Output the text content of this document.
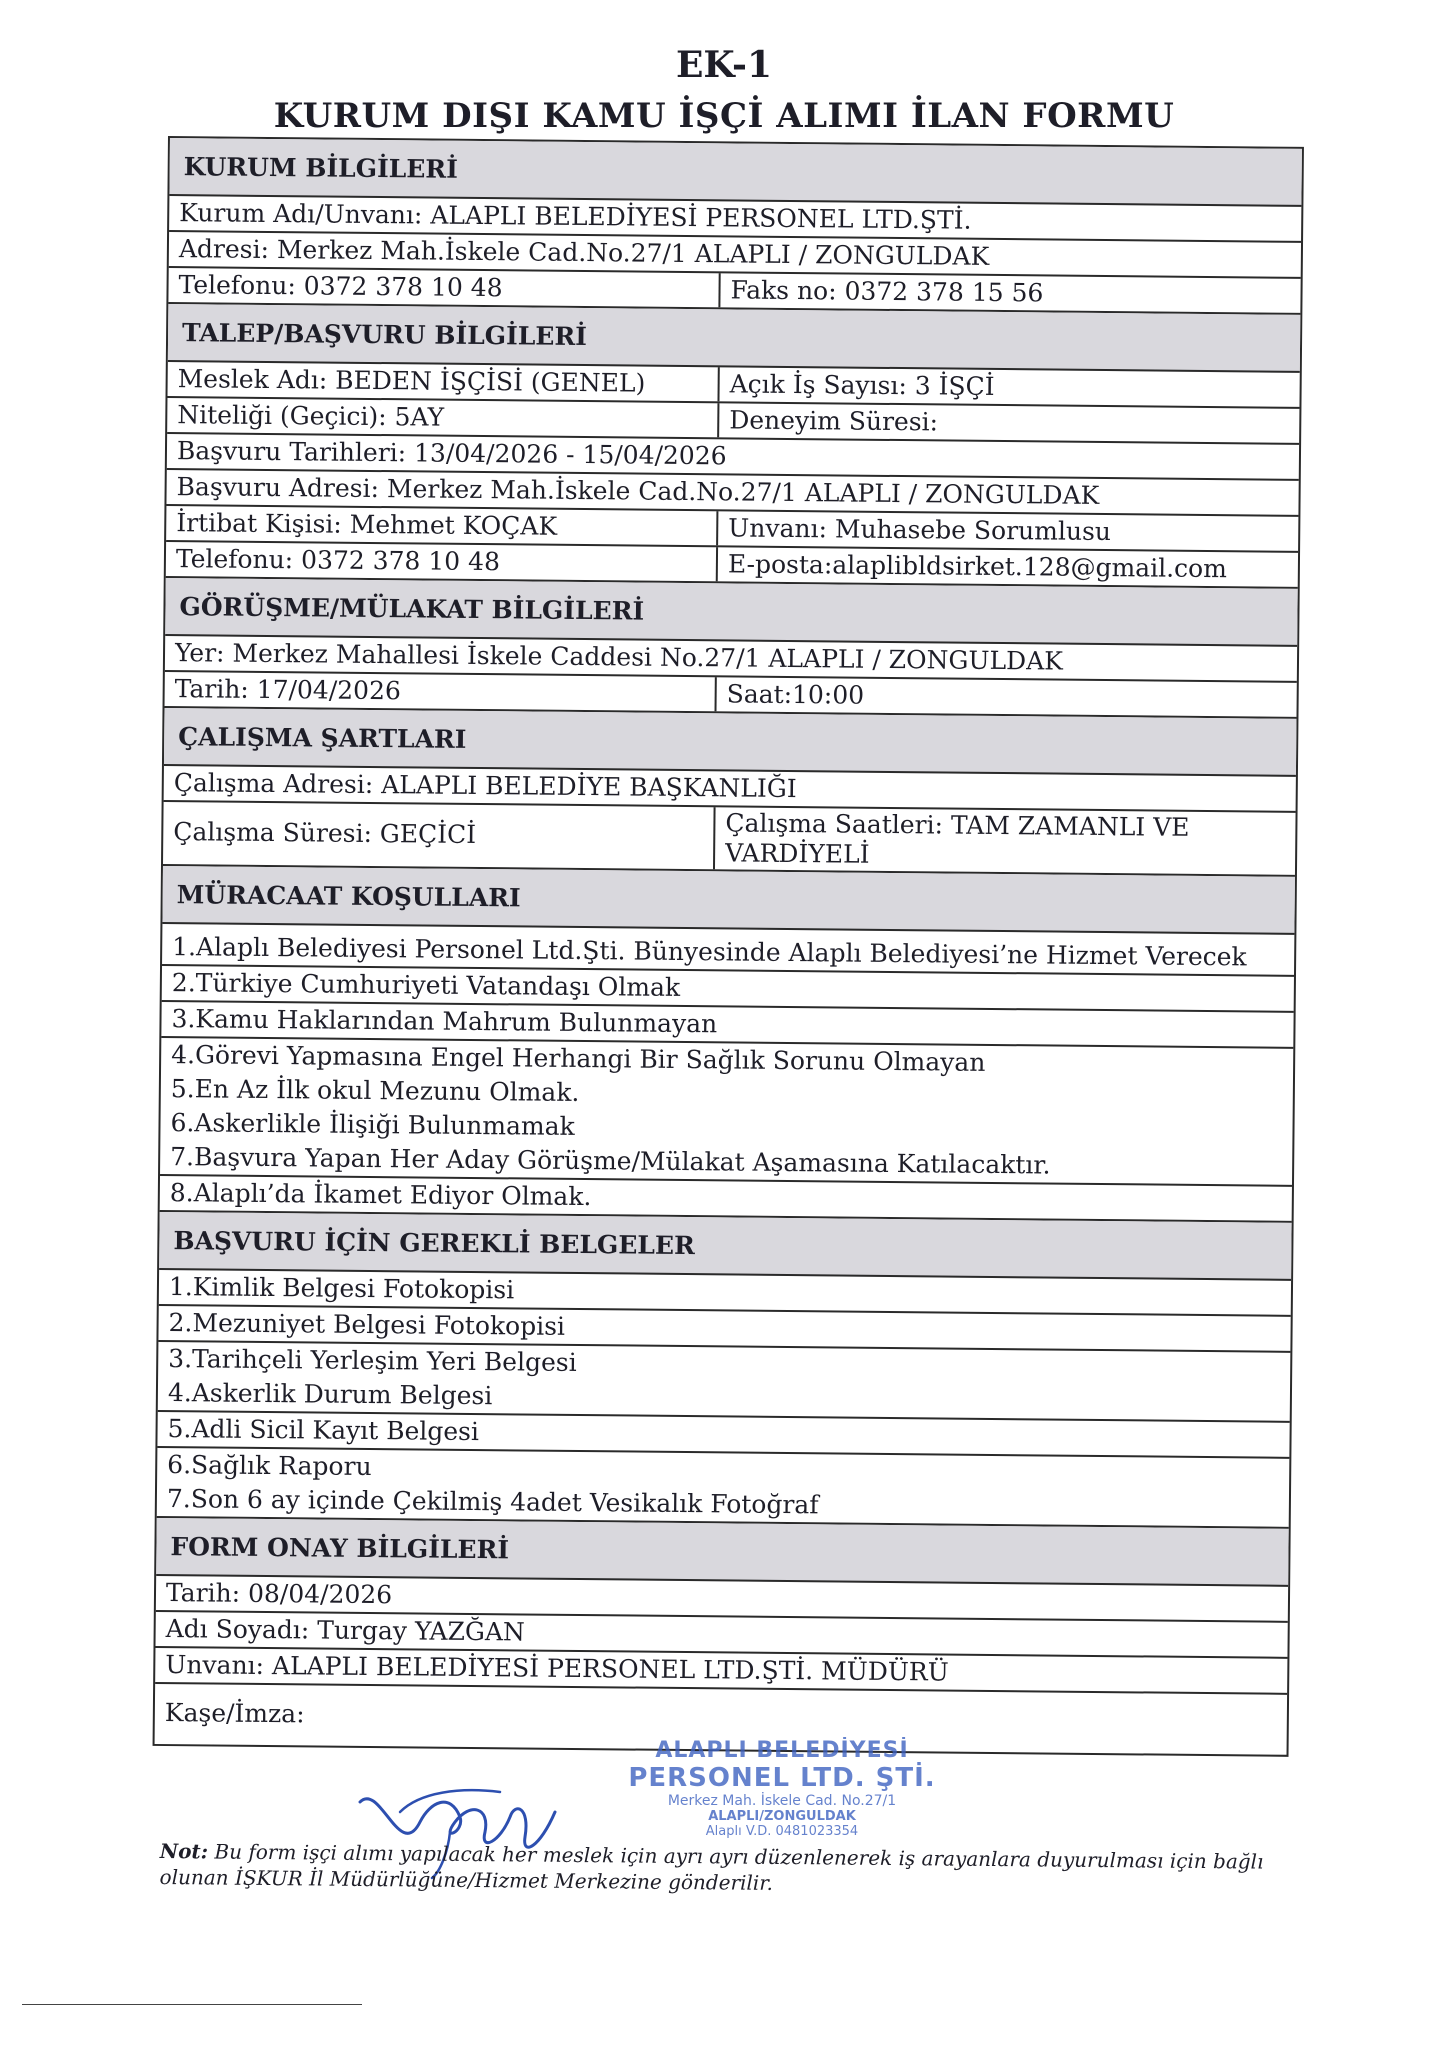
EK-1
KURUM DIŞI KAMU İŞÇİ ALIMI İLAN FORMU
KURUM BİLGİLERİ
Kurum Adı/Unvanı: ALAPLI BELEDİYESİ PERSONEL LTD.ŞTİ.
Adresi: Merkez Mah.İskele Cad.No.27/1 ALAPLI / ZONGULDAK
Telefonu: 0372 378 10 48	Faks no: 0372 378 15 56
TALEP/BAŞVURU BİLGİLERİ
Meslek Adı: BEDEN İŞÇİSİ (GENEL)	Açık İş Sayısı: 3 İŞÇİ
Niteliği (Geçici): 5AY	Deneyim Süresi:
Başvuru Tarihleri: 13/04/2026 - 15/04/2026
Başvuru Adresi: Merkez Mah.İskele Cad.No.27/1 ALAPLI / ZONGULDAK
İrtibat Kişisi: Mehmet KOÇAK	Unvanı: Muhasebe Sorumlusu
Telefonu: 0372 378 10 48	E-posta:alaplibldsirket.128@gmail.com
GÖRÜŞME/MÜLAKAT BİLGİLERİ
Yer: Merkez Mahallesi İskele Caddesi No.27/1 ALAPLI / ZONGULDAK
Tarih: 17/04/2026	Saat:10:00
ÇALIŞMA ŞARTLARI
Çalışma Adresi: ALAPLI BELEDİYE BAŞKANLIĞI
Çalışma Süresi: GEÇİCİ	Çalışma Saatleri: TAM ZAMANLI VE VARDİYELİ
MÜRACAAT KOŞULLARI
1.Alaplı Belediyesi Personel Ltd.Şti. Bünyesinde Alaplı Belediyesi’ne Hizmet Verecek
2.Türkiye Cumhuriyeti Vatandaşı Olmak
3.Kamu Haklarından Mahrum Bulunmayan
4.Görevi Yapmasına Engel Herhangi Bir Sağlık Sorunu Olmayan
5.En Az İlk okul Mezunu Olmak.
6.Askerlikle İlişiği Bulunmamak
7.Başvura Yapan Her Aday Görüşme/Mülakat Aşamasına Katılacaktır.
8.Alaplı’da İkamet Ediyor Olmak.
BAŞVURU İÇİN GEREKLİ BELGELER
1.Kimlik Belgesi Fotokopisi
2.Mezuniyet Belgesi Fotokopisi
3.Tarihçeli Yerleşim Yeri Belgesi
4.Askerlik Durum Belgesi
5.Adli Sicil Kayıt Belgesi
6.Sağlık Raporu
7.Son 6 ay içinde Çekilmiş 4adet Vesikalık Fotoğraf
FORM ONAY BİLGİLERİ
Tarih: 08/04/2026
Adı Soyadı: Turgay YAZĞAN
Unvanı: ALAPLI BELEDİYESİ PERSONEL LTD.ŞTİ. MÜDÜRÜ
Kaşe/İmza:
ALAPLI BELEDİYESİ
PERSONEL LTD. ŞTİ.
Merkez Mah. İskele Cad. No.27/1
ALAPLI/ZONGULDAK
Alaplı V.D. 0481023354
Not: Bu form işçi alımı yapılacak her meslek için ayrı ayrı düzenlenerek iş arayanlara duyurulması için bağlı olunan İŞKUR İl Müdürlüğüne/Hizmet Merkezine gönderilir.
